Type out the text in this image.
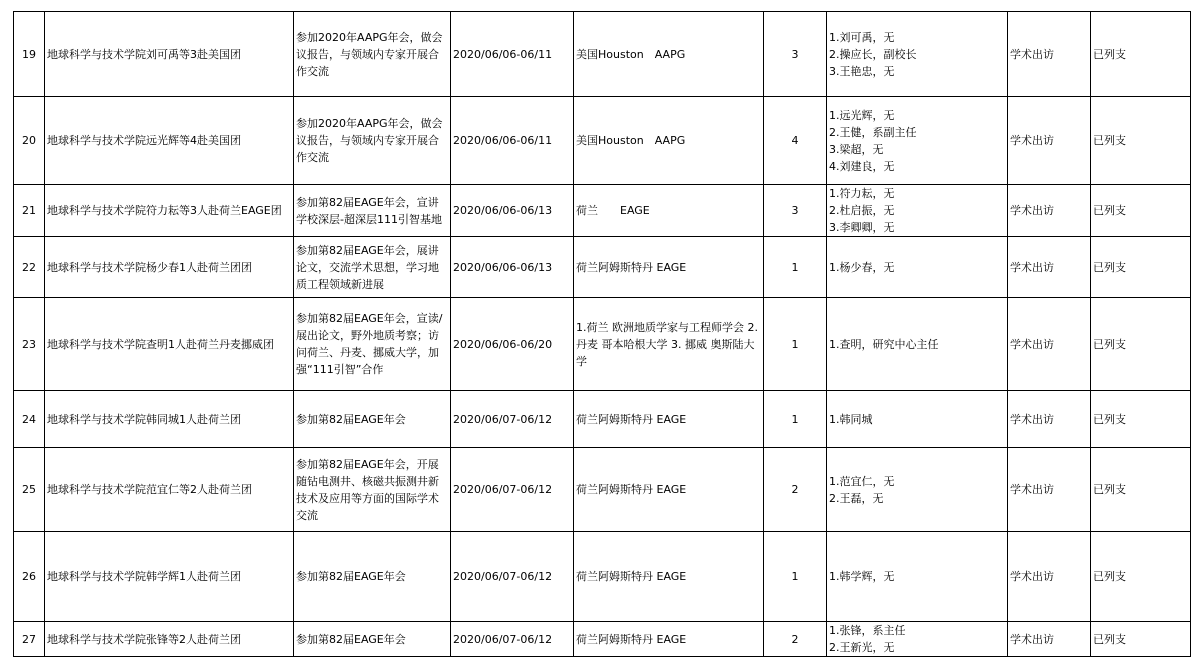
19	地球科学与技术学院刘可禹等3赴美国团	参加2020年AAPG年会，做会议报告，与领域内专家开展合作交流	2020/06/06-06/11	美国Houston　AAPG	3	1.刘可禹，无
2.操应长，副校长
3.王艳忠，无	学术出访	已列支
20	地球科学与技术学院远光辉等4赴美国团	参加2020年AAPG年会，做会议报告，与领域内专家开展合作交流	2020/06/06-06/11	美国Houston　AAPG	4	1.远光辉，无
2.王健，系副主任
3.梁超，无
4.刘建良，无	学术出访	已列支
21	地球科学与技术学院符力耘等3人赴荷兰EAGE团	参加第82届EAGE年会，宣讲学校深层-超深层111引智基地	2020/06/06-06/13	荷兰　　EAGE	3	1.符力耘，无
2.杜启振，无
3.李卿卿，无	学术出访	已列支
22	地球科学与技术学院杨少春1人赴荷兰团团	参加第82届EAGE年会，展讲论文，交流学术思想，学习地质工程领域新进展	2020/06/06-06/13	荷兰阿姆斯特丹 EAGE	1	1.杨少春，无	学术出访	已列支
23	地球科学与技术学院查明1人赴荷兰丹麦挪威团	参加第82届EAGE年会，宣读/展出论文，野外地质考察；访问荷兰、丹麦、挪威大学，加强“111引智”合作	2020/06/06-06/20	1.荷兰 欧洲地质学家与工程师学会 2.丹麦 哥本哈根大学 3. 挪威 奥斯陆大学	1	1.查明，研究中心主任	学术出访	已列支
24	地球科学与技术学院韩同城1人赴荷兰团	参加第82届EAGE年会	2020/06/07-06/12	荷兰阿姆斯特丹 EAGE	1	1.韩同城	学术出访	已列支
25	地球科学与技术学院范宜仁等2人赴荷兰团	参加第82届EAGE年会，开展随钻电测井、核磁共振测井新技术及应用等方面的国际学术交流	2020/06/07-06/12	荷兰阿姆斯特丹 EAGE	2	1.范宜仁，无
2.王磊，无	学术出访	已列支
26	地球科学与技术学院韩学辉1人赴荷兰团	参加第82届EAGE年会	2020/06/07-06/12	荷兰阿姆斯特丹 EAGE	1	1.韩学辉，无	学术出访	已列支
27	地球科学与技术学院张锋等2人赴荷兰团	参加第82届EAGE年会	2020/06/07-06/12	荷兰阿姆斯特丹 EAGE	2	1.张锋，系主任
2.王新光，无	学术出访	已列支
